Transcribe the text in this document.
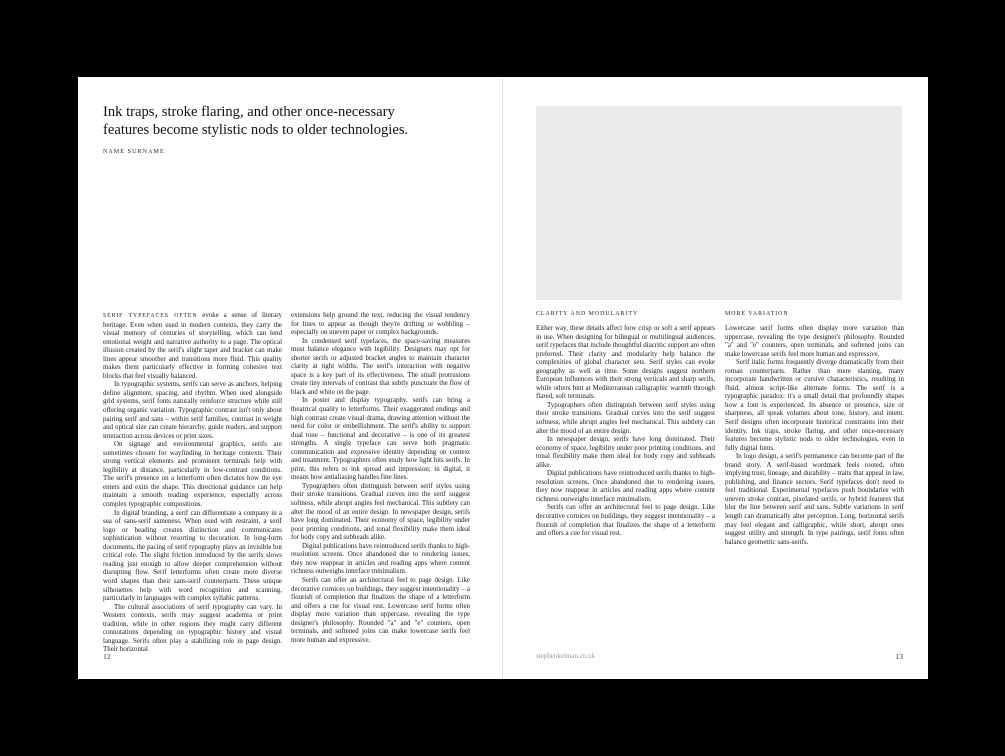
Ink traps, stroke flaring, and other once-necessary features become stylistic nods to older technologies.
NAME SURNAME

SERIF TYPEFACES OFTEN evoke a sense of literary heritage. Even when used in modern contexts, they carry the visual memory of centuries of storytelling, which can lend emotional weight and narrative authority to a page. The optical illusion created by the serif's slight taper and bracket can make lines appear smoother and transitions more fluid. This quality makes them particularly effective in forming cohesive text blocks that feel visually balanced.

In typographic systems, serifs can serve as anchors, helping define alignment, spacing, and rhythm. When used alongside grid systems, serif fonts naturally reinforce structure while still offering organic variation. Typographic contrast isn't only about pairing serif and sans – within serif families, contrast in weight and optical size can create hierarchy, guide readers, and support interaction across devices or print sizes.

On signage and environmental graphics, serifs are sometimes chosen for wayfinding in heritage contexts. Their strong vertical elements and prominent terminals help with legibility at distance, particularly in low-contrast conditions. The serif's presence on a letterform often dictates how the eye enters and exits the shape. This directional guidance can help maintain a smooth reading experience, especially across complex typographic compositions.

In digital branding, a serif can differentiate a company in a sea of sans-serif sameness. When used with restraint, a serif logo or heading creates distinction and communicates sophistication without resorting to decoration. In long-form documents, the pacing of serif typography plays an invisible but critical role. The slight friction introduced by the serifs slows reading just enough to allow deeper comprehension without disrupting flow. Serif letterforms often create more diverse word shapes than their sans-serif counterparts. These unique silhouettes help with word recognition and scanning, particularly in languages with complex syllabic patterns.

The cultural associations of serif typography can vary. In Western contexts, serifs may suggest academia or print tradition, while in other regions they might carry different connotations depending on typographic history and visual language. Serifs often play a stabilizing role in page design. Their horizontal

extensions help ground the text, reducing the visual tendency for lines to appear as though they're drifting or wobbling – especially on uneven paper or complex backgrounds.

In condensed serif typefaces, the space-saving measures must balance elegance with legibility. Designers may opt for shorter serifs or adjusted bracket angles to maintain character clarity at tight widths. The serif's interaction with negative space is a key part of its effectiveness. The small protrusions create tiny intervals of contrast that subtly punctuate the flow of black and white on the page.

In poster and display typography, serifs can bring a theatrical quality to letterforms. Their exaggerated endings and high contrast create visual drama, drawing attention without the need for color or embellishment. The serif's ability to support dual tone – functional and decorative – is one of its greatest strengths. A single typeface can serve both pragmatic communication and expressive identity depending on context and treatment. Typographers often study how light hits serifs. In print, this refers to ink spread and impression; in digital, it means how antialiasing handles fine lines.

Typographers often distinguish between serif styles using their stroke transitions. Gradual curves into the serif suggest softness, while abrupt angles feel mechanical. This subtlety can alter the mood of an entire design. In newspaper design, serifs have long dominated. Their economy of space, legibility under poor printing conditions, and tonal flexibility make them ideal for body copy and subheads alike.

Digital publications have reintroduced serifs thanks to high-resolution screens. Once abandoned due to rendering issues, they now reappear in articles and reading apps where content richness outweighs interface minimalism.

Serifs can offer an architectural feel to page design. Like decorative cornices on buildings, they suggest intentionality – a flourish of completion that finalizes the shape of a letterform and offers a cue for visual rest. Lowercase serif forms often display more variation than uppercase, revealing the type designer's philosophy. Rounded "a" and "e" counters, open terminals, and softened joins can make lowercase serifs feel more human and expressive.

12
CLARITY AND MODULARITY	MORE VARIATION

Either way, these details affect how crisp or soft a serif appears in use. When designing for bilingual or multilingual audiences, serif typefaces that include thoughtful diacritic support are often preferred. Their clarity and modularity help balance the complexities of global character sets. Serif styles can evoke geography as well as time. Some designs suggest northern European influences with their strong verticals and sharp serifs, while others hint at Mediterranean calligraphic warmth through flared, soft terminals.

Typographers often distinguish between serif styles using their stroke transitions. Gradual curves into the serif suggest softness, while abrupt angles feel mechanical. This subtlety can alter the mood of an entire design.

In newspaper design, serifs have long dominated. Their economy of space, legibility under poor printing conditions, and tonal flexibility make them ideal for body copy and subheads alike.

Digital publications have reintroduced serifs thanks to high-resolution screens. Once abandoned due to rendering issues, they now reappear in articles and reading apps where content richness outweighs interface minimalism.

Serifs can offer an architectural feel to page design. Like decorative cornices on buildings, they suggest intentionality – a flourish of completion that finalizes the shape of a letterform and offers a cue for visual rest.

Lowercase serif forms often display more variation than uppercase, revealing the type designer's philosophy. Rounded "a" and "e" counters, open terminals, and softened joins can make lowercase serifs feel more human and expressive.

Serif italic forms frequently diverge dramatically from their roman counterparts. Rather than mere slanting, many incorporate handwritten or cursive characteristics, resulting in fluid, almost script-like alternate forms. The serif is a typographic paradox: it's a small detail that profoundly shapes how a font is experienced. Its absence or presence, size or sharpness, all speak volumes about tone, history, and intent. Serif designs often incorporate historical constraints into their identity. Ink traps, stroke flaring, and other once-necessary features become stylistic nods to older technologies, even in fully digital fonts.

In logo design, a serif's permanence can become part of the brand story. A serif-based wordmark feels rooted, often implying trust, lineage, and durability – traits that appeal in law, publishing, and finance sectors. Serif typefaces don't need to feel traditional. Experimental typefaces push boundaries with uneven stroke contrast, pixelated serifs, or hybrid features that blur the line between serif and sans. Subtle variations in serif length can dramatically alter perception. Long, horizontal serifs may feel elegant and calligraphic, while short, abrupt ones suggest utility and strength. In type pairings, serif fonts often balance geometric sans-serifs.

stephenkelman.co.uk	13
